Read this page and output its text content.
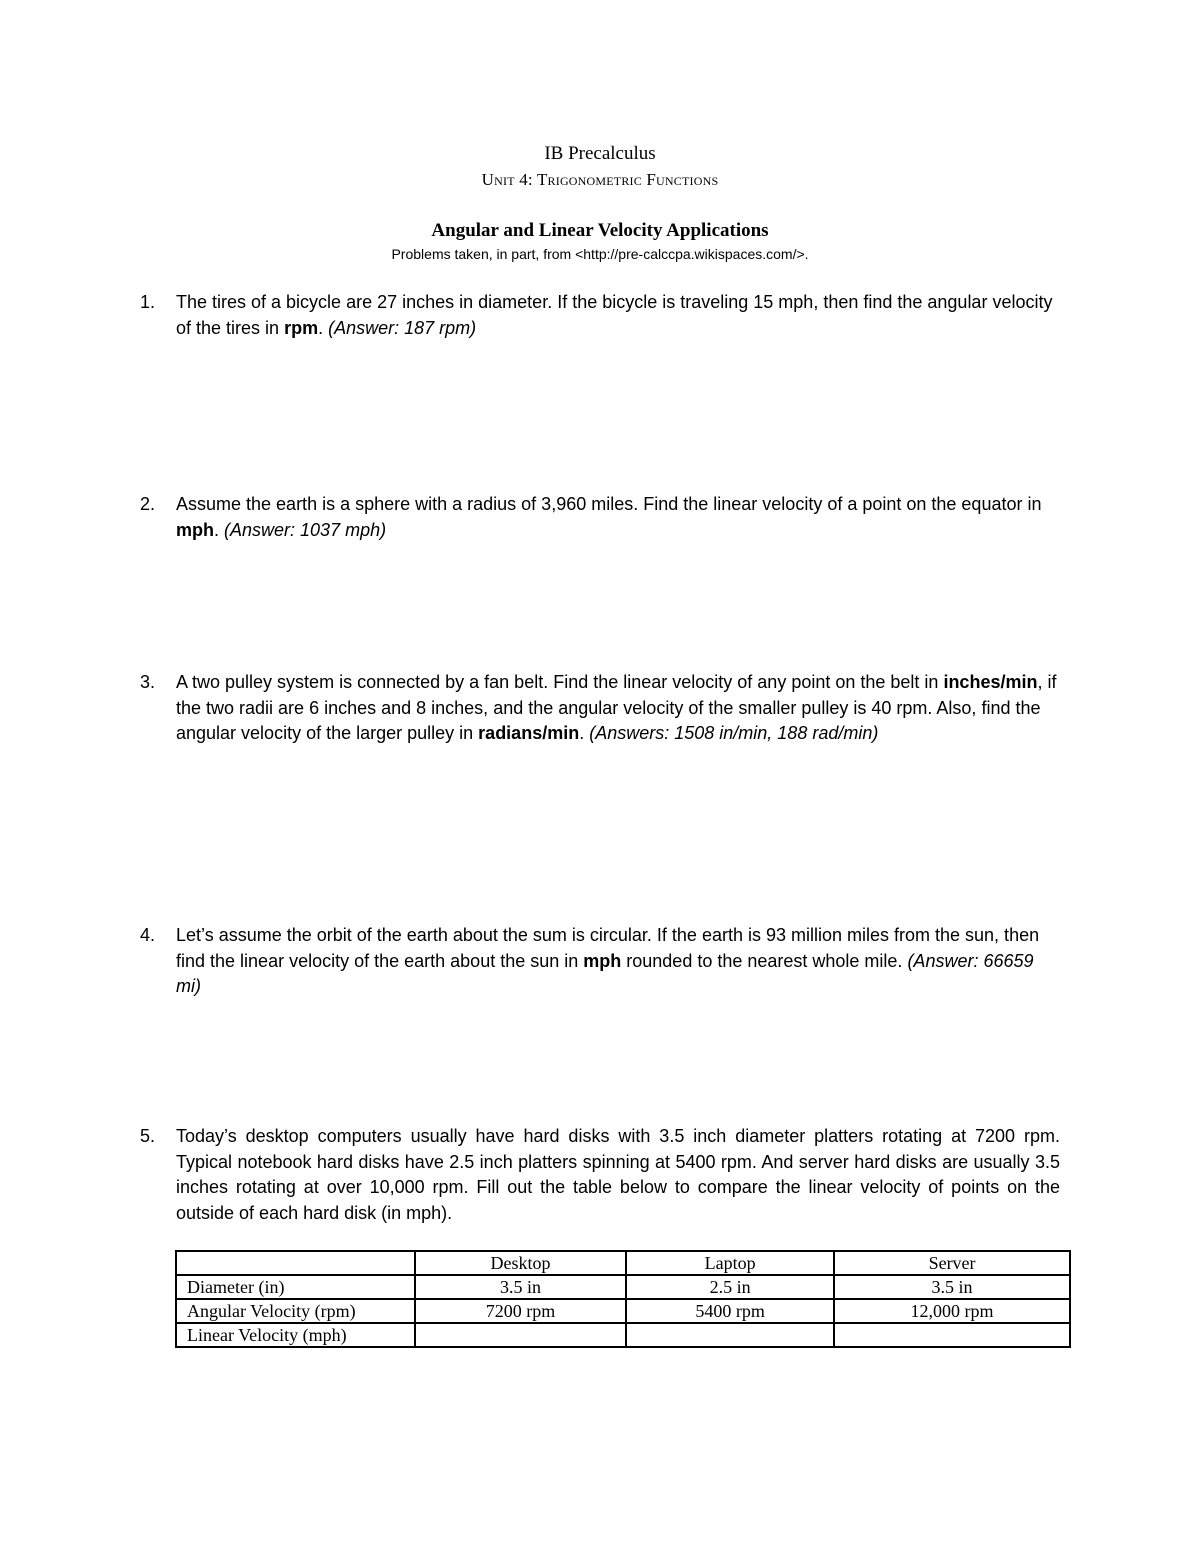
IB Precalculus
Unit 4: Trigonometric Functions
Angular and Linear Velocity Applications
Problems taken, in part, from <http://pre-calccpa.wikispaces.com/>.
1.	The tires of a bicycle are 27 inches in diameter. If the bicycle is traveling 15 mph, then find the angular velocity of the tires in rpm. (Answer: 187 rpm)
2.	Assume the earth is a sphere with a radius of 3,960 miles. Find the linear velocity of a point on the equator in mph. (Answer: 1037 mph)
3.	A two pulley system is connected by a fan belt. Find the linear velocity of any point on the belt in inches/min, if the two radii are 6 inches and 8 inches, and the angular velocity of the smaller pulley is 40 rpm. Also, find the angular velocity of the larger pulley in radians/min. (Answers: 1508 in/min, 188 rad/min)
4.	Let’s assume the orbit of the earth about the sum is circular. If the earth is 93 million miles from the sun, then find the linear velocity of the earth about the sun in mph rounded to the nearest whole mile. (Answer: 66659 mi)
5.	Today’s desktop computers usually have hard disks with 3.5 inch diameter platters rotating at 7200 rpm. Typical notebook hard disks have 2.5 inch platters spinning at 5400 rpm. And server hard disks are usually 3.5 inches rotating at over 10,000 rpm. Fill out the table below to compare the linear velocity of points on the outside of each hard disk (in mph).
	Desktop	Laptop	Server
Diameter (in)	3.5 in	2.5 in	3.5 in
Angular Velocity (rpm)	7200 rpm	5400 rpm	12,000 rpm
Linear Velocity (mph)			
